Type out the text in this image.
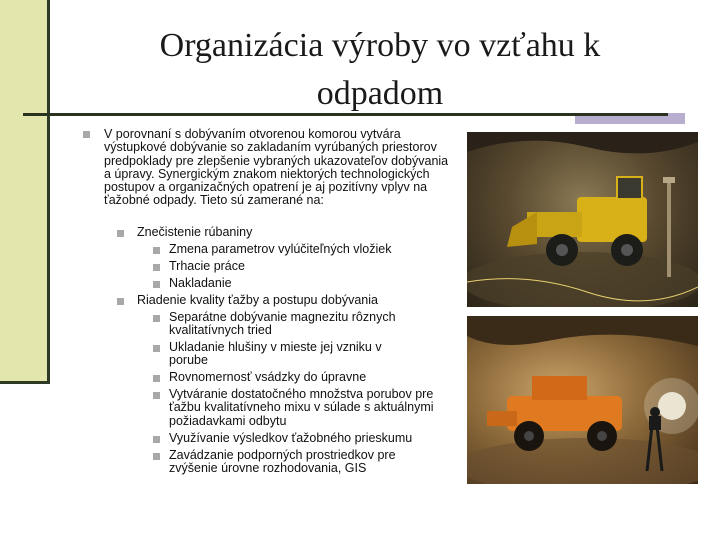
Organizácia výroby vo vzťahu k odpadom
V porovnaní s dobývaním otvorenou komorou vytvára výstupkové dobývanie so zakladaním vyrúbaných priestorov predpoklady pre zlepšenie vybraných ukazovateľov dobývania a úpravy. Synergickým znakom niektorých technologických postupov a organizačných opatrení je aj pozitívny vplyv na ťažobné odpady. Tieto sú zamerané na:
Znečistenie rúbaniny
Zmena parametrov vylúčiteľných vložiek
Trhacie práce
Nakladanie
Riadenie kvality ťažby a postupu dobývania
Separátne dobývanie magnezitu rôznych kvalitatívnych tried
Ukladanie hlušiny v mieste jej vzniku v porube
Rovnomernosť vsádzky do úpravne
Vytváranie dostatočného množstva porubov pre ťažbu kvalitatívneho mixu v súlade s aktuálnymi požiadavkami odbytu
Využívanie výsledkov ťažobného prieskumu
Zavádzanie podporných prostriedkov pre zvýšenie úrovne rozhodovania, GIS
